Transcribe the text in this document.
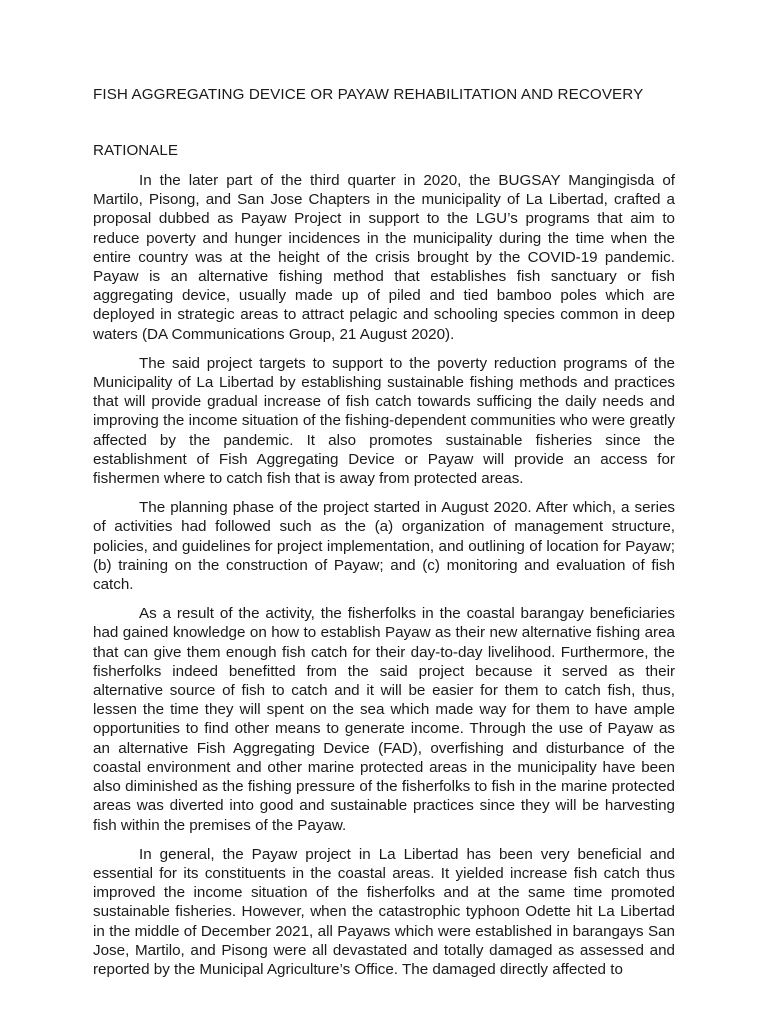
FISH AGGREGATING DEVICE OR PAYAW REHABILITATION AND RECOVERY
RATIONALE

In the later part of the third quarter in 2020, the BUGSAY Mangingisda of Martilo, Pisong, and San Jose Chapters in the municipality of La Libertad, crafted a proposal dubbed as Payaw Project in support to the LGU’s programs that aim to reduce poverty and hunger incidences in the municipality during the time when the entire country was at the height of the crisis brought by the COVID-19 pandemic. Payaw is an alternative fishing method that establishes fish sanctuary or fish aggregating device, usually made up of piled and tied bamboo poles which are deployed in strategic areas to attract pelagic and schooling species common in deep waters (DA Communications Group, 21 August 2020).

The said project targets to support to the poverty reduction programs of the Municipality of La Libertad by establishing sustainable fishing methods and practices that will provide gradual increase of fish catch towards sufficing the daily needs and improving the income situation of the fishing-dependent communities who were greatly affected by the pandemic. It also promotes sustainable fisheries since the establishment of Fish Aggregating Device or Payaw will provide an access for fishermen where to catch fish that is away from protected areas.

The planning phase of the project started in August 2020. After which, a series of activities had followed such as the (a) organization of management structure, policies, and guidelines for project implementation, and outlining of location for Payaw; (b) training on the construction of Payaw; and (c) monitoring and evaluation of fish catch.

As a result of the activity, the fisherfolks in the coastal barangay beneficiaries had gained knowledge on how to establish Payaw as their new alternative fishing area that can give them enough fish catch for their day-to-day livelihood. Furthermore, the fisherfolks indeed benefitted from the said project because it served as their alternative source of fish to catch and it will be easier for them to catch fish, thus, lessen the time they will spent on the sea which made way for them to have ample opportunities to find other means to generate income. Through the use of Payaw as an alternative Fish Aggregating Device (FAD), overfishing and disturbance of the coastal environment and other marine protected areas in the municipality have been also diminished as the fishing pressure of the fisherfolks to fish in the marine protected areas was diverted into good and sustainable practices since they will be harvesting fish within the premises of the Payaw.

In general, the Payaw project in La Libertad has been very beneficial and essential for its constituents in the coastal areas. It yielded increase fish catch thus improved the income situation of the fisherfolks and at the same time promoted sustainable fisheries. However, when the catastrophic typhoon Odette hit La Libertad in the middle of December 2021, all Payaws which were established in barangays San Jose, Martilo, and Pisong were all devastated and totally damaged as assessed and reported by the Municipal Agriculture’s Office. The damaged directly affected to
